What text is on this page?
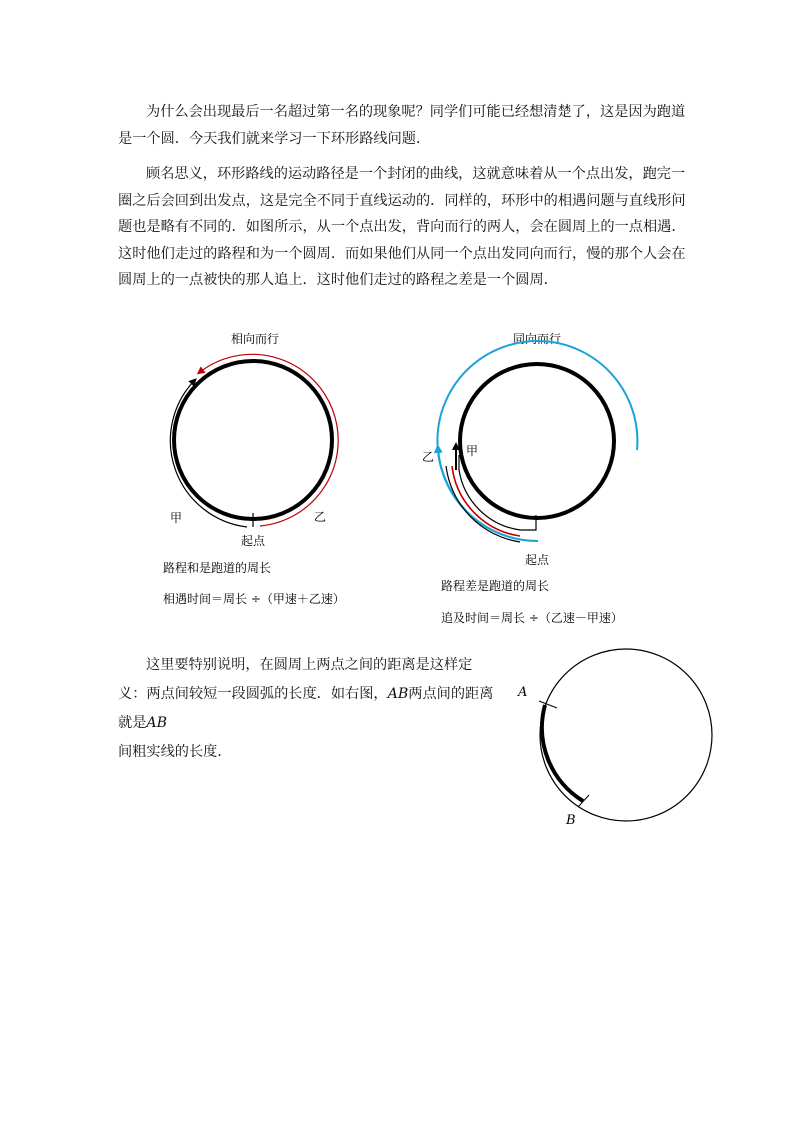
为什么会出现最后一名超过第一名的现象呢？同学们可能已经想清楚了，这是因为跑道是一个圆．今天我们就来学习一下环形路线问题．

顾名思义，环形路线的运动路径是一个封闭的曲线，这就意味着从一个点出发，跑完一圈之后会回到出发点，这是完全不同于直线运动的．同样的，环形中的相遇问题与直线形问题也是略有不同的．如图所示，从一个点出发，背向而行的两人，会在圆周上的一点相遇．这时他们走过的路程和为一个圆周．而如果他们从同一个点出发同向而行，慢的那个人会在圆周上的一点被快的那人追上．这时他们走过的路程之差是一个圆周．

相向而行
甲	乙
起点
路程和是跑道的周长
相遇时间＝周长 ÷（甲速＋乙速）
同向而行
甲
乙
起点
路程差是跑道的周长
追及时间＝周长 ÷（乙速－甲速）
A
B

这里要特别说明，在圆周上两点之间的距离是这样定义：两点间较短一段圆弧的长度．如右图，AB两点间的距离就是AB
间粗实线的长度．
